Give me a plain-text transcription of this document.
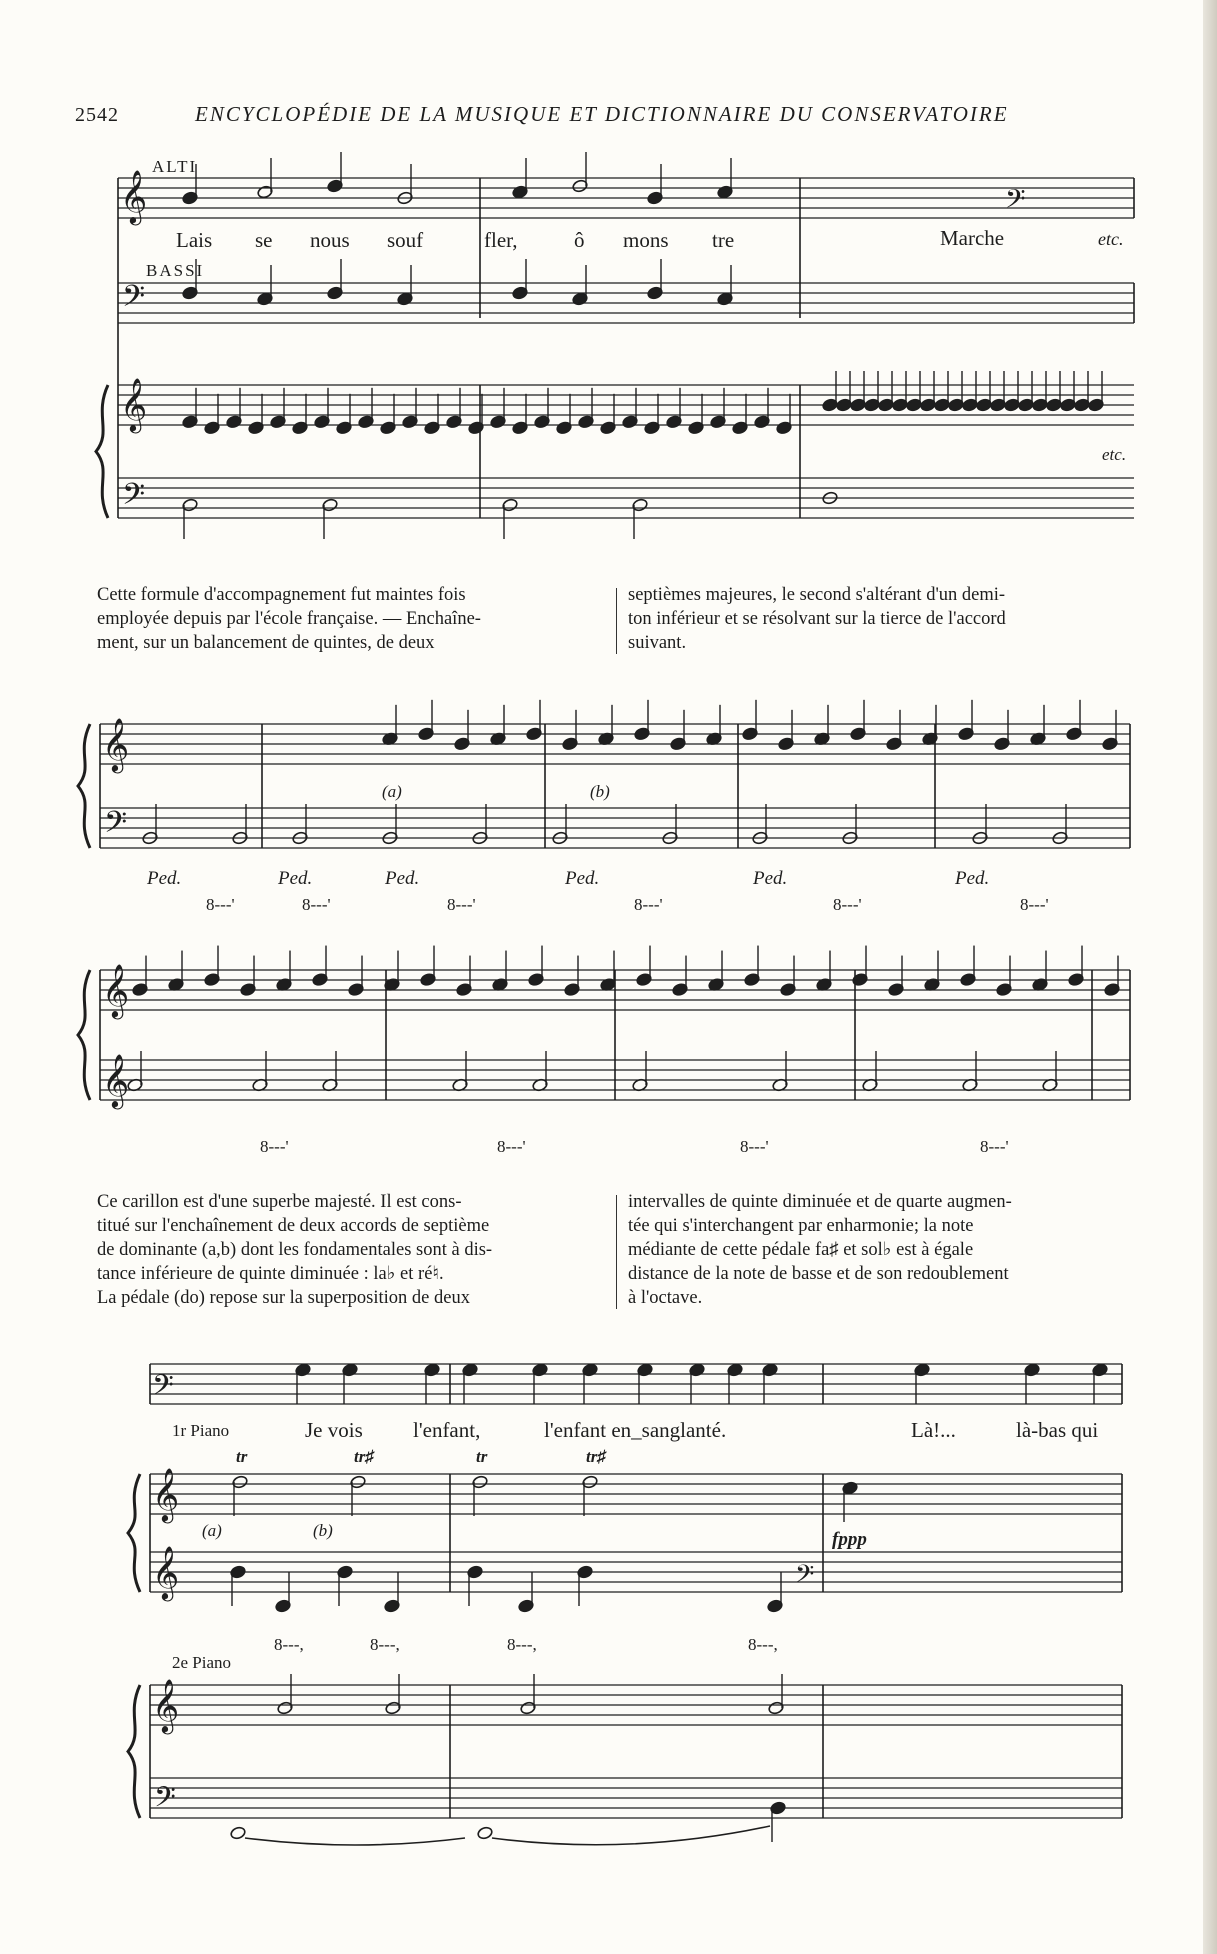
2542	ENCYCLOPÉDIE DE LA MUSIQUE ET DICTIONNAIRE DU CONSERVATOIRE
ALTI
BASSI
𝄞
𝄢
𝄞
𝄢
𝄢
Lais se nous souf	fler,	ô mons tre	Marche	etc.
etc.
𝄞
𝄢
𝄞
𝄞
(a)	(b)
Ped.	Ped.	Ped.	Ped.	Ped.	Ped.
8---'	8---'	8---'	8---'	8---'	8---'
8---'	8---'	8---'	8---'
𝄢
𝄞
𝄞
𝄞
𝄢
𝄢
1r Piano
2e Piano
Je vois l'enfant,	l'enfant en_sanglanté.	Là!...	là-bas qui
tr	tr♯	tr	tr♯
(a)	(b)	fppp
8---,	8---,	8---,	8---,
Cette formule d'accompagnement fut maintes fois
employée depuis par l'école française. — Enchaîne-
ment, sur un balancement de quintes, de deux
septièmes majeures, le second s'altérant d'un demi-
ton inférieur et se résolvant sur la tierce de l'accord
suivant.
Ce carillon est d'une superbe majesté. Il est cons-
titué sur l'enchaînement de deux accords de septième
de dominante (a,b) dont les fondamentales sont à dis-
tance inférieure de quinte diminuée : la♭ et ré♮.
La pédale (do) repose sur la superposition de deux
intervalles de quinte diminuée et de quarte augmen-
tée qui s'interchangent par enharmonie; la note
médiante de cette pédale fa♯ et sol♭ est à égale
distance de la note de basse et de son redoublement
à l'octave.
